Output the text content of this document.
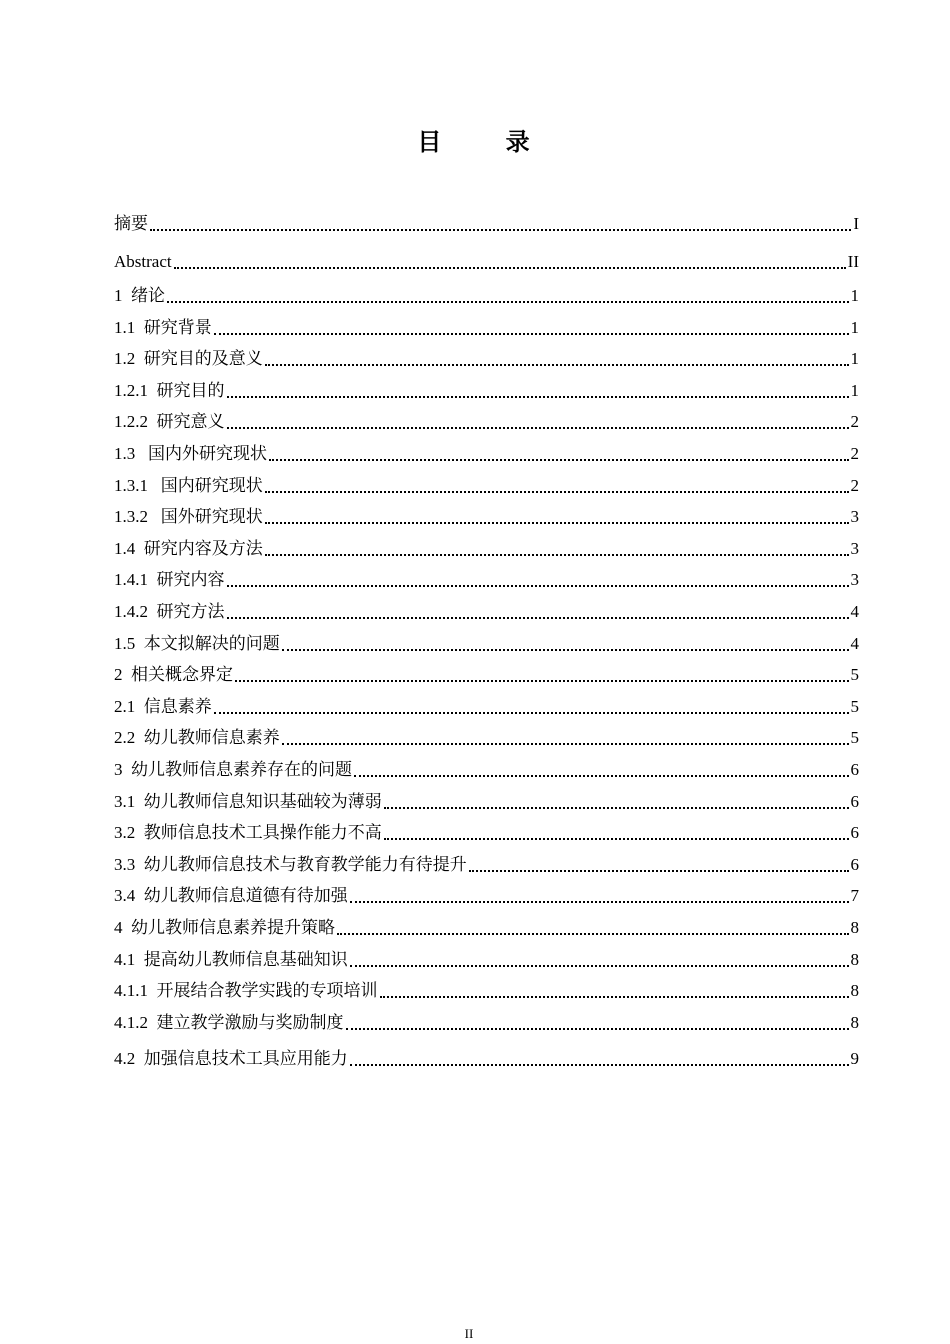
目 录
摘要	I
Abstract	II
1 绪论	1
1.1 研究背景	1
1.2 研究目的及意义	1
1.2.1 研究目的	1
1.2.2 研究意义	2
1.3 国内外研究现状	2
1.3.1 国内研究现状	2
1.3.2 国外研究现状	3
1.4 研究内容及方法	3
1.4.1 研究内容	3
1.4.2 研究方法	4
1.5 本文拟解决的问题	4
2 相关概念界定	5
2.1 信息素养	5
2.2 幼儿教师信息素养	5
3 幼儿教师信息素养存在的问题	6
3.1 幼儿教师信息知识基础较为薄弱	6
3.2 教师信息技术工具操作能力不高	6
3.3 幼儿教师信息技术与教育教学能力有待提升	6
3.4 幼儿教师信息道德有待加强	7
4 幼儿教师信息素养提升策略	8
4.1 提高幼儿教师信息基础知识	8
4.1.1 开展结合教学实践的专项培训	8
4.1.2 建立教学激励与奖励制度	8
4.2 加强信息技术工具应用能力	9
II
